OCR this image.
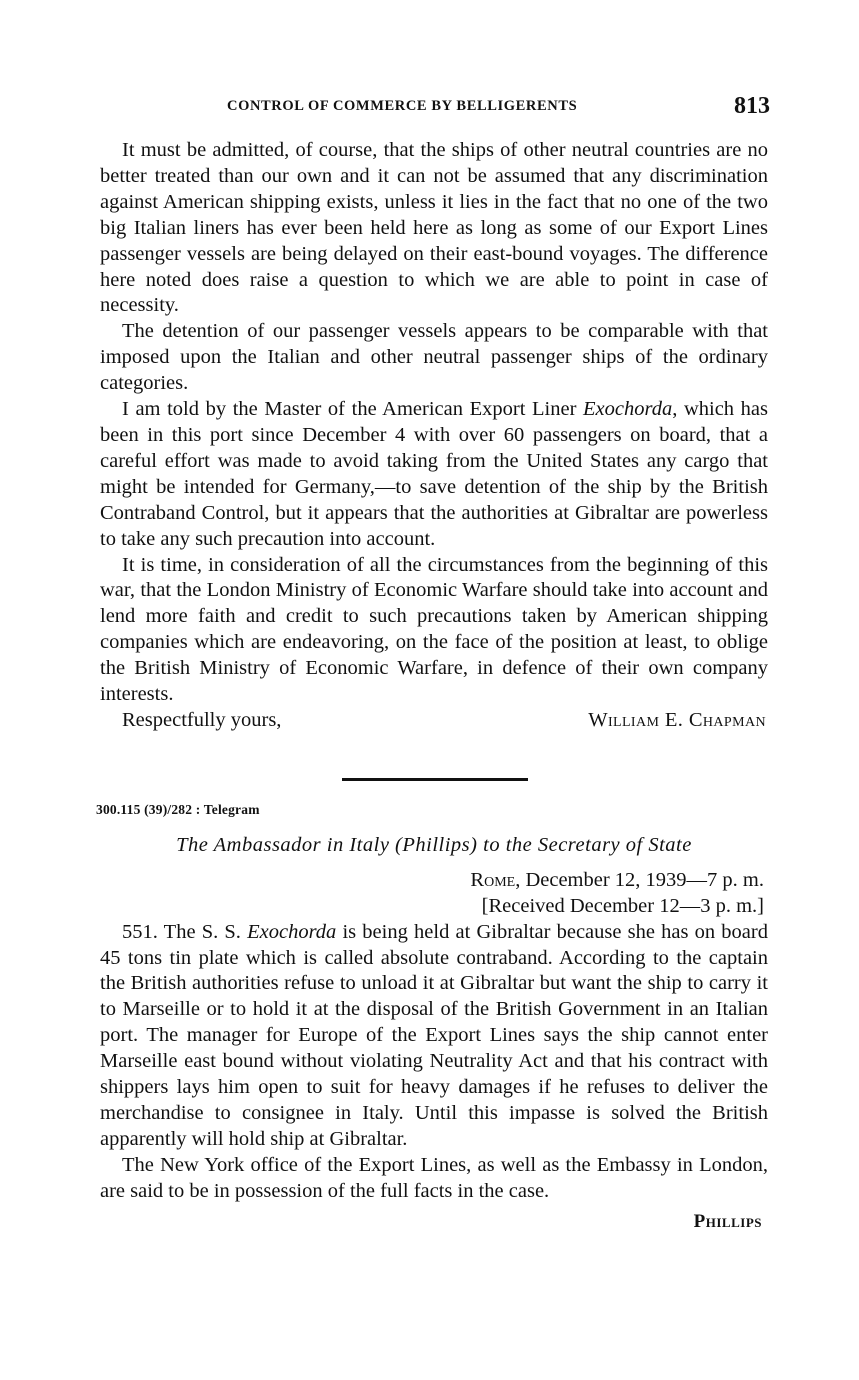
CONTROL OF COMMERCE BY BELLIGERENTS	813

It must be admitted, of course, that the ships of other neutral countries are no better treated than our own and it can not be assumed that any discrimination against American shipping exists, unless it lies in the fact that no one of the two big Italian liners has ever been held here as long as some of our Export Lines passenger vessels are being delayed on their east-bound voyages. The difference here noted does raise a question to which we are able to point in case of necessity.

The detention of our passenger vessels appears to be comparable with that imposed upon the Italian and other neutral passenger ships of the ordinary categories.

I am told by the Master of the American Export Liner Exochorda, which has been in this port since December 4 with over 60 passengers on board, that a careful effort was made to avoid taking from the United States any cargo that might be intended for Germany,—to save detention of the ship by the British Contraband Control, but it appears that the authorities at Gibraltar are powerless to take any such precaution into account.

It is time, in consideration of all the circumstances from the beginning of this war, that the London Ministry of Economic Warfare should take into account and lend more faith and credit to such precautions taken by American shipping companies which are endeavoring, on the face of the position at least, to oblige the British Ministry of Economic Warfare, in defence of their own company interests.

Respectfully yours,	William E. Chapman
300.115 (39)/282 : Telegram
The Ambassador in Italy (Phillips) to the Secretary of State
Rome, December 12, 1939—7 p. m.
[Received December 12—3 p. m.]

551. The S. S. Exochorda is being held at Gibraltar because she has on board 45 tons tin plate which is called absolute contraband. According to the captain the British authorities refuse to unload it at Gibraltar but want the ship to carry it to Marseille or to hold it at the disposal of the British Government in an Italian port. The manager for Europe of the Export Lines says the ship cannot enter Marseille east bound without violating Neutrality Act and that his contract with shippers lays him open to suit for heavy damages if he refuses to deliver the merchandise to consignee in Italy. Until this impasse is solved the British apparently will hold ship at Gibraltar.

The New York office of the Export Lines, as well as the Embassy in London, are said to be in possession of the full facts in the case.

Phillips
